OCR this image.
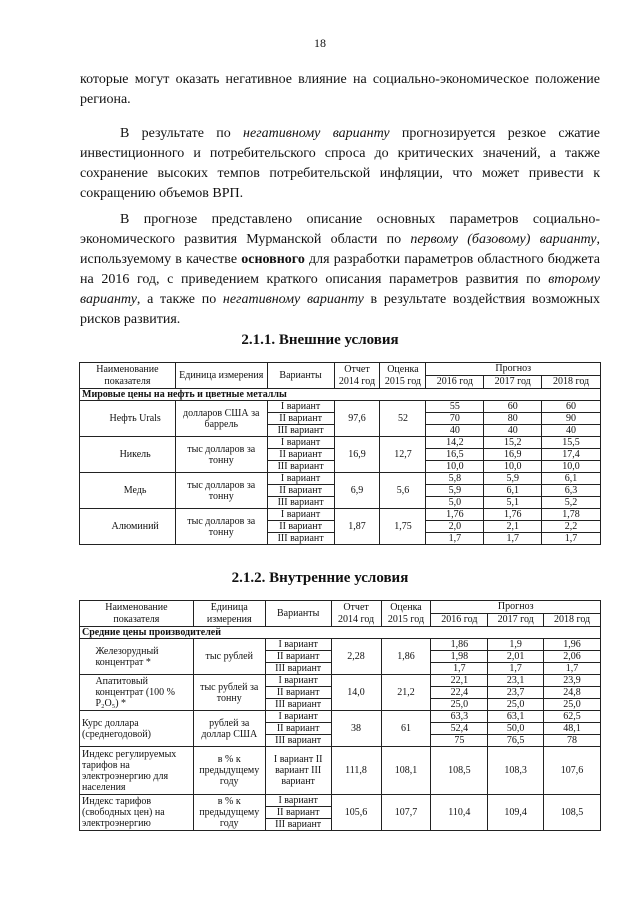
18
которые могут оказать негативное влияние на социально-экономическое положение региона.
В результате по негативному варианту прогнозируется резкое сжатие инвестиционного и потребительского спроса до критических значений, а также сохранение высоких темпов потребительской инфляции, что может привести к сокращению объемов ВРП.
В прогнозе представлено описание основных параметров социально-экономического развития Мурманской области по первому (базовому) варианту, используемому в качестве основного для разработки параметров областного бюджета на 2016 год, с приведением краткого описания параметров развития по второму варианту, а также по негативному варианту в результате воздействия возможных рисков развития.
2.1.1. Внешние условия
Наименование показателя		Единица измерения	Варианты	Отчет 2014 год	Оценка 2015 год	Прогноз		
						2016 год	2017 год	2018 год
Мировые цены на нефть и цветные металлы								
	Нефть Urals	долларов США за баррель	I вариант	97,6	52	55	60	60
			II вариант			70	80	90
			III вариант			40	40	40
	Никель	тыс долларов за тонну	I вариант	16,9	12,7	14,2	15,2	15,5
			II вариант			16,5	16,9	17,4
			III вариант			10,0	10,0	10,0
	Медь	тыс долларов за тонну	I вариант	6,9	5,6	5,8	5,9	6,1
			II вариант			5,9	6,1	6,3
			III вариант			5,0	5,1	5,2
	Алюминий	тыс долларов за тонну	I вариант	1,87	1,75	1,76	1,76	1,78
			II вариант			2,0	2,1	2,2
			III вариант			1,7	1,7	1,7
2.1.2. Внутренние условия
Наименование показателя		Единица измерения	Варианты	Отчет 2014 год	Оценка 2015 год	Прогноз		
						2016 год	2017 год	2018 год
Средние цены производителей								
	Железорудный концентрат *	тыс рублей	I вариант	2,28	1,86	1,86	1,9	1,96
			II вариант			1,98	2,01	2,06
			III вариант			1,7	1,7	1,7
	Апатитовый концентрат (100 % P₂O₅) *	тыс рублей за тонну	I вариант	14,0	21,2	22,1	23,1	23,9
			II вариант			22,4	23,7	24,8
			III вариант			25,0	25,0	25,0
Курс доллара (среднегодовой)		рублей за доллар США	I вариант	38	61	63,3	63,1	62,5
			II вариант			52,4	50,0	48,1
			III вариант			75	76,5	78
Индекс регулируемых тарифов на электроэнергию для населения		в % к предыдущему году	I вариант II вариант III вариант	111,8	108,1	108,5	108,3	107,6
Индекс тарифов (свободных цен) на электроэнергию		в % к предыдущему году	I вариант	105,6	107,7	110,4	109,4	108,5
			II вариант					
			III вариант					
